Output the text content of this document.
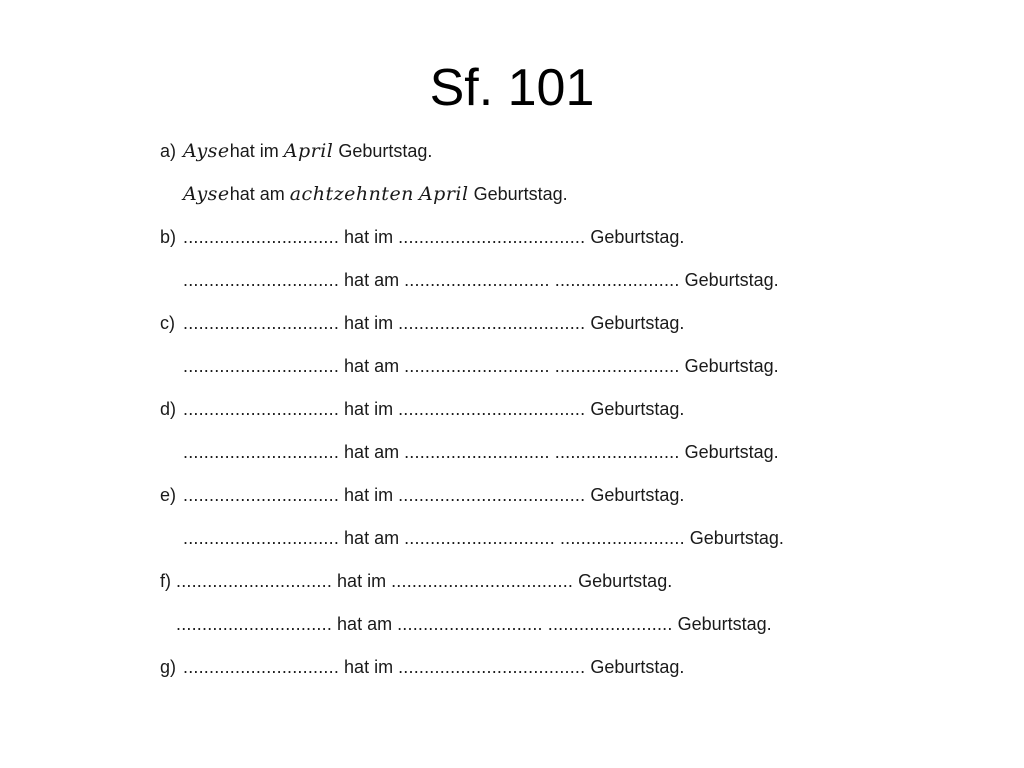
Sf. 101
a) Aysehat im April Geburtstag.
Aysehat am achtzehnten April Geburtstag.
b) .............................. hat im .................................... Geburtstag.
.............................. hat am ............................ ........................ Geburtstag.
c) .............................. hat im .................................... Geburtstag.
.............................. hat am ............................ ........................ Geburtstag.
d) .............................. hat im .................................... Geburtstag.
.............................. hat am ............................ ........................ Geburtstag.
e) .............................. hat im .................................... Geburtstag.
.............................. hat am ............................. ........................ Geburtstag.
f) .............................. hat im ................................... Geburtstag.
.............................. hat am ............................ ........................ Geburtstag.
g) .............................. hat im .................................... Geburtstag.
